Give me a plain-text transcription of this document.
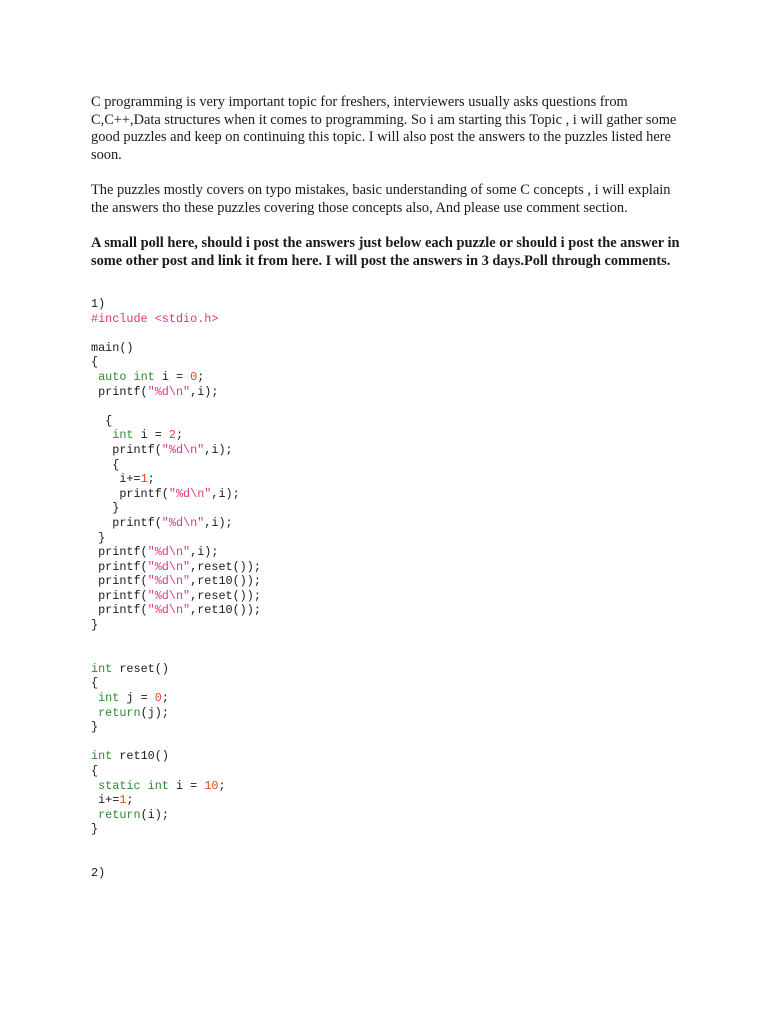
C programming is very important topic for freshers, interviewers usually asks questions from C,C++,Data structures when it comes to programming. So i am starting this Topic , i will gather some good puzzles and keep on continuing this topic. I will also post the answers to the puzzles listed here soon.

The puzzles mostly covers on typo mistakes, basic understanding of some C concepts , i will explain the answers tho these puzzles covering those concepts also, And please use comment section.

A small poll here, should i post the answers just below each puzzle or should i post the answer in some other post and link it from here. I will post the answers in 3 days.Poll through comments.

1)
#include <stdio.h>

main()
{
auto int i = 0;
printf("%d\n",i);

{
int i = 2;
printf("%d\n",i);
{
i+=1;
printf("%d\n",i);
}
printf("%d\n",i);
}
printf("%d\n",i);
printf("%d\n",reset());
printf("%d\n",ret10());
printf("%d\n",reset());
printf("%d\n",ret10());
}

int reset()
{
int j = 0;
return(j);
}

int ret10()
{
static int i = 10;
i+=1;
return(i);
}

2)
